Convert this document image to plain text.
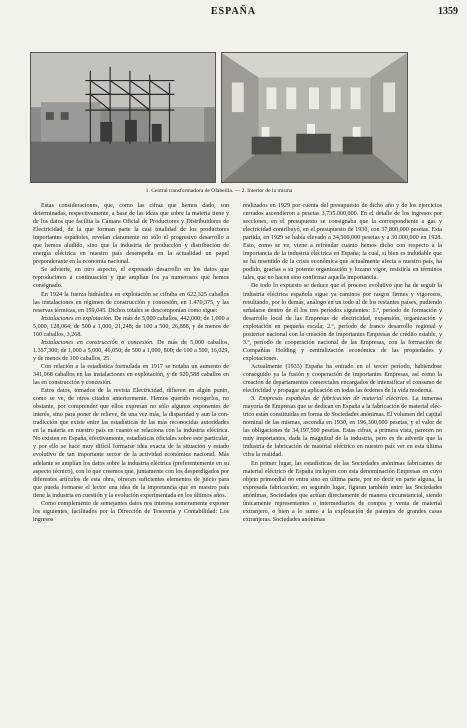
ESPAÑA	1359
1. Central transformadora de Olabeilla. — 2. Interior de la misma

Estas consideraciones, que, como las cifras que hemos dado, son determinadas, respectivamente, a base de las ideas que sobre la materia tiene y de los datos que facilita la Cámara Oficial de Productores y Distribuidores de Electricidad, de la que forman parte la casi totalidad de los productores importantes españoles, revelan claramente no sólo el progresivo desarrollo a que hemos aludido, sino que la industria de producción y distribución de energía eléctrica en nuestro país desempeña en la actualidad un papel preponderante en la economía nacional.

Se advierte, en otro aspecto, el expresado desarrollo en los datos que reproducimos a continuación y que amplían los ya numerosos que hemos consignado.

En 1924 la fuerza hidráulica en explotación se cifraba en 622,325 caballos las instalaciones en régimen de construcción y concesión, en 1.470,375, y las reservas térmicas, en 159,045. Dichos totales se descomponían como sigue:

Instalaciones en explotación. De más de 5,000 caballos, 442,000; de 1,000 a 5,000, 128,064; de 500 a 1,000, 21,248; de 100 a 500, 26,888, y de menos de 100 caballos, 3,268.

Instalaciones en construcción o concesión. De más de 5,000 caballos, 1.357,300; de 1,000 a 5,000, 46,050; de 500 a 1,000, 800; de 100 a 500, 16,029, y de menos de 100 caballos, 25.

Con relación a la estadística formulada en 1917 se notaba un aumento de 341,068 caballos en las instalaciones en explotación, y de 920,588 caballos en las en construcción y concesión.

Estos datos, tomados de la revista Electricidad, difieren en algún punto, como se ve, de otros citados anteriormente. Hemos querido recogerlos, no obstante, por comprender que ellos expresan no sólo algunos exponentes de interés, sino para poner de relieve, de una vez más, la disparidad y aun la contradicción que existe entre las estadísticas de las más reconocidas autoridades en la materia en nuestro país en cuanto se relaciona con la industria eléctrica. No existen en España, efectivamente, estadísticas oficiales sobre este particular, y por ello se hace muy difícil formarse idea exacta de la situación y estado evolutivo de tan importante sector de la actividad económica nacional. Más adelante se amplían los datos sobre la industria eléctrica (preferentemente en su aspecto técnico), con lo que creemos que, juntamente con los desperdigados por diferentes artículos de esta obra, ofrecen suficientes elementos de juicio para que pueda formarse el lector una idea de la importancia que en nuestro país tiene la industria en cuestión y la evolución experimentada en los últimos años.

Como complemento de semejantes datos nos interesa someramente exponer los siguientes, facilitados por la Dirección de Tesorería y Contabilidad: Los ingresos

realizados en 1929 por cuenta del presupuesto de dicho año y de los ejercicios cerrados ascendieron a pesetas 3,735.000,000. En el detalle de los ingresos por secciones, en el presupuesto se consignaba que la correspondiente a gas y electricidad contribuyó, en el presupuesto de 1930, con 37,800,000 pesetas. Esta partida, en 1929 se había elevado a 34,500,000 pesetas y a 30.000,000 en 1928. Esto, como se ve, viene a refrendar cuanto hemos dicho con respecto a la importancia de la industria eléctrica en España; la cual, si bien es indudable que se ha resentido de la crisis económica que actualmente afecta a nuestro país, ha podido, gracias a su potente organización y lozano vigor, resistirla en términos tales, que no hacen sino confirmar aquella importancia.

De todo lo expuesto se deduce que el proceso evolutivo que ha de seguir la industria eléctrica española sigue ya caminos por rasgos firmes y vigorosos, resultando, por lo demás, análogo en un todo al de los restantes países, pudiendo señalarse dentro de él los tres períodos siguientes: 1.º, período de formación y desarrollo local de las Empresas de electricidad, expansión, organización y explotación en pequeña escala; 2.º, período de franco desarrollo regional y posterior nacional con la creación de importantes Empresas de crédito estable, y 3.º, período de cooperación nacional de las Empresas, con la formación de Compañías Holding y centralización económica de las propiedades y explotaciones.

Actualmente (1933) España ha entrado en el tercer período, habiéndose conseguido ya la fusión y cooperación de importantes Empresas, así como la creación de departamentos comerciales encargados de intensificar el consumo de electricidad y propagar su aplicación en todas las órdenes de la vida moderna.

3. Empresas españolas de fabricación de material eléctrico. La inmensa mayoría de Empresas que se dedican en España a la fabricación de material eléctrico están constituidas en forma de Sociedades anónimas. El volumen del capital nominal de las mismas, ascendía en 1930, en 196,300,000 pesetas, y el valor de las obligaciones de 34,197,500 pesetas. Estas cifras, a primera vista, parecen no muy importantes, dada la magnitud de la industria, pero es de advertir que la industria de fabricación de material eléctrico en nuestro país ver en esta última cifra la realidad.

En primer lugar, las estadísticas de las Sociedades anónimas fabricantes de material eléctrico de España incluyen con esta denominación Empresas en cuyo objeto primordial no entra sino en última parte, por no decir en parte alguna, la expresada fabricación; en segundo lugar, figuran también entre las Sociedades anónimas, Sociedades que actúan directamente de manera circunstancial, siendo únicamente representantes o intermediarios de compra y venta de material extranjero, o bien a lo sumo a la explotación de patentes de grandes casas extranjeras. Sociedades anónimas
